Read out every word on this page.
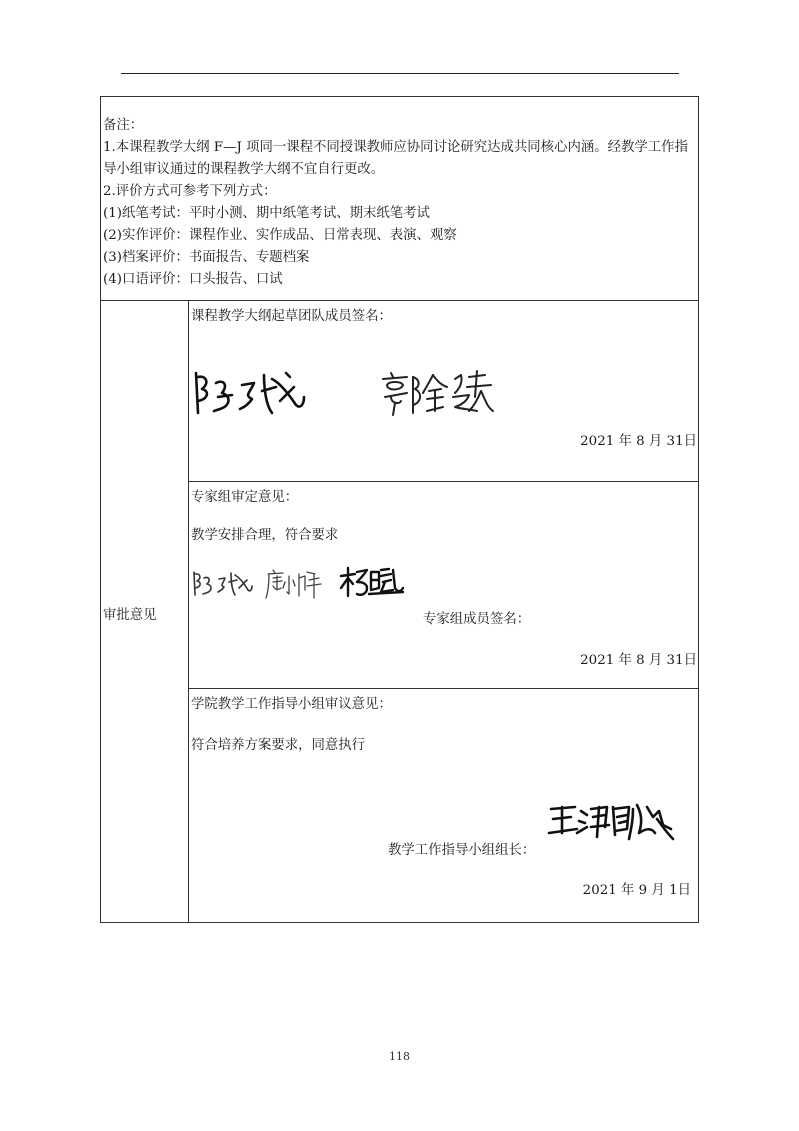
备注：
1.本课程教学大纲 F—J 项同一课程不同授课教师应协同讨论研究达成共同核心内涵。经教学工作指导小组审议通过的课程教学大纲不宜自行更改。
2.评价方式可参考下列方式：
(1)纸笔考试：平时小测、期中纸笔考试、期末纸笔考试
(2)实作评价：课程作业、实作成品、日常表现、表演、观察
(3)档案评价：书面报告、专题档案
(4)口语评价：口头报告、口试
审批意见
课程教学大纲起草团队成员签名：
2021 年 8 月 31日
专家组审定意见：
教学安排合理，符合要求
专家组成员签名：
2021 年 8 月 31日
学院教学工作指导小组审议意见：
符合培养方案要求，同意执行
教学工作指导小组组长：
2021 年 9 月 1日
118
